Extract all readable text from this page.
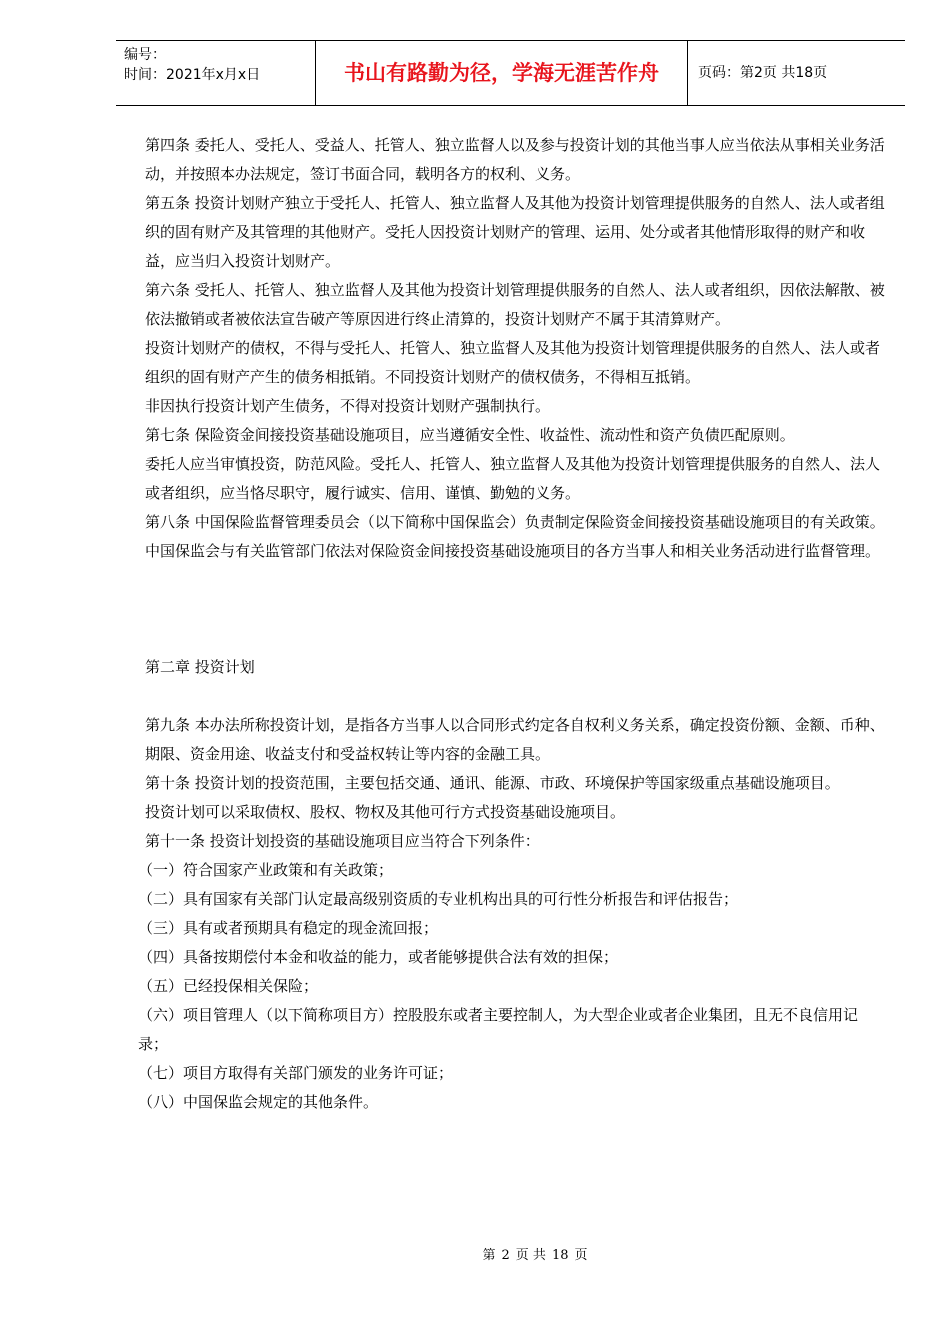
编号：
时间：2021年x月x日	书山有路勤为径，学海无涯苦作舟	页码：第2页 共18页

第四条 委托人、受托人、受益人、托管人、独立监督人以及参与投资计划的其他当事人应当依法从事相关业务活动，并按照本办法规定，签订书面合同，载明各方的权利、义务。

第五条 投资计划财产独立于受托人、托管人、独立监督人及其他为投资计划管理提供服务的自然人、法人或者组织的固有财产及其管理的其他财产。受托人因投资计划财产的管理、运用、处分或者其他情形取得的财产和收益，应当归入投资计划财产。

第六条 受托人、托管人、独立监督人及其他为投资计划管理提供服务的自然人、法人或者组织，因依法解散、被依法撤销或者被依法宣告破产等原因进行终止清算的，投资计划财产不属于其清算财产。

投资计划财产的债权，不得与受托人、托管人、独立监督人及其他为投资计划管理提供服务的自然人、法人或者组织的固有财产产生的债务相抵销。不同投资计划财产的债权债务，不得相互抵销。

非因执行投资计划产生债务，不得对投资计划财产强制执行。

第七条 保险资金间接投资基础设施项目，应当遵循安全性、收益性、流动性和资产负债匹配原则。

委托人应当审慎投资，防范风险。受托人、托管人、独立监督人及其他为投资计划管理提供服务的自然人、法人或者组织，应当恪尽职守，履行诚实、信用、谨慎、勤勉的义务。

第八条 中国保险监督管理委员会（以下简称中国保监会）负责制定保险资金间接投资基础设施项目的有关政策。

中国保监会与有关监管部门依法对保险资金间接投资基础设施项目的各方当事人和相关业务活动进行监督管理。

第二章 投资计划

第九条 本办法所称投资计划，是指各方当事人以合同形式约定各自权利义务关系，确定投资份额、金额、币种、期限、资金用途、收益支付和受益权转让等内容的金融工具。

第十条 投资计划的投资范围，主要包括交通、通讯、能源、市政、环境保护等国家级重点基础设施项目。

投资计划可以采取债权、股权、物权及其他可行方式投资基础设施项目。

第十一条 投资计划投资的基础设施项目应当符合下列条件：

（一）符合国家产业政策和有关政策；

（二）具有国家有关部门认定最高级别资质的专业机构出具的可行性分析报告和评估报告；

（三）具有或者预期具有稳定的现金流回报；

（四）具备按期偿付本金和收益的能力，或者能够提供合法有效的担保；

（五）已经投保相关保险；

（六）项目管理人（以下简称项目方）控股股东或者主要控制人，为大型企业或者企业集团，且无不良信用记录；

（七）项目方取得有关部门颁发的业务许可证；

（八）中国保监会规定的其他条件。

第 2 页 共 18 页
